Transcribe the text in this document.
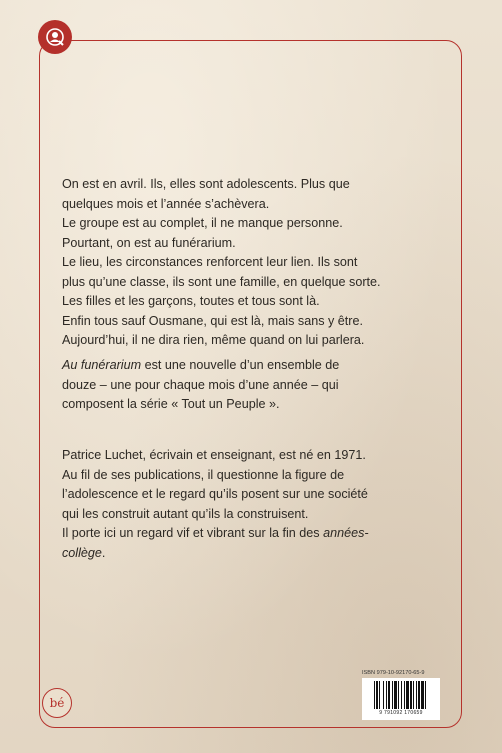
On est en avril. Ils, elles sont adolescents. Plus que

quelques mois et l’année s’achèvera.

Le groupe est au complet, il ne manque personne.

Pourtant, on est au funérarium.

Le lieu, les circonstances renforcent leur lien. Ils sont

plus qu’une classe, ils sont une famille, en quelque sorte.

Les filles et les garçons, toutes et tous sont là.

Enfin tous sauf Ousmane, qui est là, mais sans y être.

Aujourd’hui, il ne dira rien, même quand on lui parlera.

Au funérarium est une nouvelle d’un ensemble de

douze – une pour chaque mois d’une année – qui

composent la série « Tout un Peuple ».

Patrice Luchet, écrivain et enseignant, est né en 1971.

Au fil de ses publications, il questionne la figure de

l’adolescence et le regard qu’ils posent sur une société

qui les construit autant qu’ils la construisent.

Il porte ici un regard vif et vibrant sur la fin des années-
collège.

bé
ISBN 979-10-92170-65-9
9 791092 170659
